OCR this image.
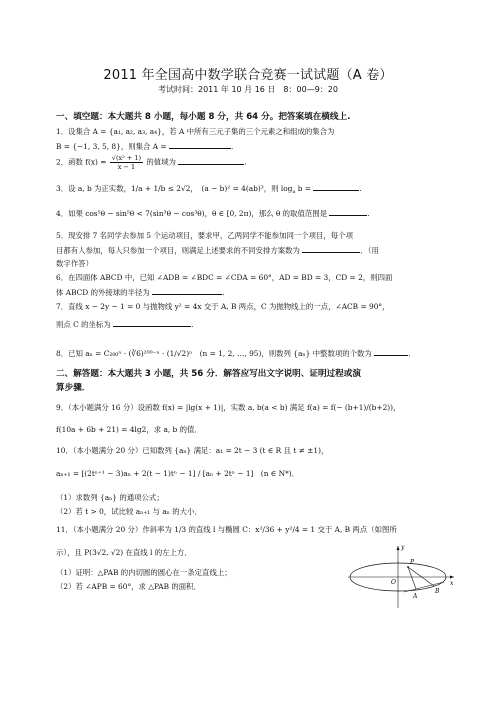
2011 年全国高中数学联合竞赛一试试题（A 卷）
考试时间：2011 年 10 月 16 日　8：00—9：20
一、填空题：本大题共 8 小题，每小题 8 分，共 64 分。把答案填在横线上.
1．设集合 A = {a₁, a₂, a₃, a₄}，若 A 中所有三元子集的三个元素之和组成的集合为
B = {−1, 3, 5, 8}，则集合 A =	.
2．函数 $f(x) = \frac{\text{√(x² + 1)}}{x - 1}$ 的值域为	.
3．设 a, b 为正实数，1/a + 1/b ≤ 2√2，　(a − b)² = 4(ab)³，则 $\log_a b$ =	.
4．如果 cos⁵θ − sin⁵θ < 7(sin³θ − cos³θ)，θ ∈ [0, 2π)，那么 θ 的取值范围是	.
5．现安排 7 名同学去参加 5 个运动项目，要求甲、乙两同学不能参加同一个项目，每个项
目都有人参加，每人只参加一个项目，则满足上述要求的不同安排方案数为	．（用
数字作答）
6．在四面体 ABCD 中，已知 ∠ADB = ∠BDC = ∠CDA = 60°，AD = BD = 3，CD = 2，则四面
体 ABCD 的外接球的半径为	.
7．直线 x − 2y − 1 = 0 与抛物线 y² = 4x 交于 A, B 两点，C 为抛物线上的一点，∠ACB = 90°，
则点 C 的坐标为	.
8．已知 aₙ = C₂₀₀ⁿ · (∛6)²⁰⁰⁻ⁿ · (1/√2)ⁿ　(n = 1, 2, …, 95)，则数列 {aₙ} 中整数项的个数为	.
二、解答题：本大题共 3 小题，共 56 分．解答应写出文字说明、证明过程或演
算步骤．
9．（本小题满分 16 分）设函数 f(x) = |lg(x + 1)|，实数 a, b(a < b) 满足 f(a) = f(− (b+1)/(b+2))，
f(10a + 6b + 21) = 4lg2，求 a, b 的值．
10．（本小题满分 20 分）已知数列 {aₙ} 满足：a₁ = 2t − 3 (t ∈ R 且 t ≠ ±1)，
aₙ₊₁ = [(2tⁿ⁺¹ − 3)aₙ + 2(t − 1)tⁿ − 1] / [aₙ + 2tⁿ − 1]　(n ∈ N*)．
（1）求数列 {aₙ} 的通项公式；
（2）若 t > 0，试比较 aₙ₊₁ 与 aₙ 的大小．
11．（本小题满分 20 分）作斜率为 1/3 的直线 l 与椭圆 C：x²/36 + y²/4 = 1 交于 A, B 两点（如图所
示），且 P(3√2, √2) 在直线 l 的左上方．
（1）证明：△PAB 的内切圆的圆心在一条定直线上；
（2）若 ∠APB = 60°，求 △PAB 的面积．
y
x
O
P
A
B
